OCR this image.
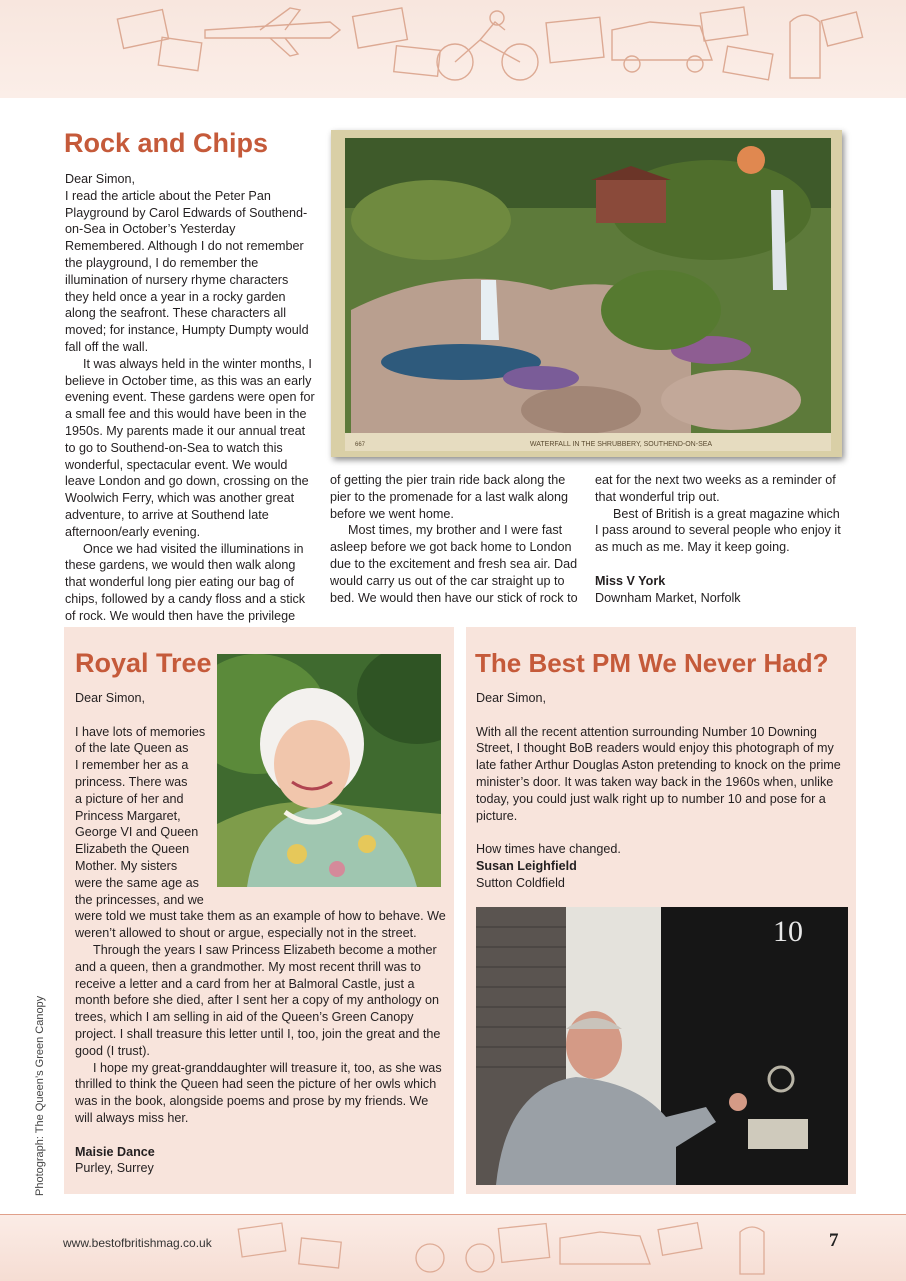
Rock and Chips
667	WATERFALL IN THE SHRUBBERY, SOUTHEND-ON-SEA

Dear Simon,

I read the article about the Peter Pan Playground by Carol Edwards of Southend-on-Sea in October’s Yesterday Remembered. Although I do not remember the playground, I do remember the illumination of nursery rhyme characters they held once a year in a rocky garden along the seafront. These characters all moved; for instance, Humpty Dumpty would fall off the wall.

It was always held in the winter months, I believe in October time, as this was an early evening event. These gardens were open for a small fee and this would have been in the 1950s. My parents made it our annual treat to go to Southend-on-Sea to watch this wonderful, spectacular event. We would leave London and go down, crossing on the Woolwich Ferry, which was another great adventure, to arrive at Southend late afternoon/early evening.

Once we had visited the illuminations in these gardens, we would then walk along that wonderful long pier eating our bag of chips, followed by a candy floss and a stick of rock. We would then have the privilege

of getting the pier train ride back along the pier to the promenade for a last walk along before we went home.

Most times, my brother and I were fast asleep before we got back home to London due to the excitement and fresh sea air. Dad would carry us out of the car straight up to bed. We would then have our stick of rock to

eat for the next two weeks as a reminder of that wonderful trip out.

Best of British is a great magazine which I pass around to several people who enjoy it as much as me. May it keep going.

Miss V York

Downham Market, Norfolk

Royal Tree

Dear Simon,

I have lots of memories
of the late Queen as
I remember her as a
princess. There was
a picture of her and
Princess Margaret,
George VI and Queen
Elizabeth the Queen
Mother. My sisters
were the same age as
the princesses, and we
were told we must take them as an example of how to behave. We weren’t allowed to shout or argue, especially not in the street.

Through the years I saw Princess Elizabeth become a mother and a queen, then a grandmother. My most recent thrill was to receive a letter and a card from her at Balmoral Castle, just a month before she died, after I sent her a copy of my anthology on trees, which I am selling in aid of the Queen’s Green Canopy project. I shall treasure this letter until I, too, join the great and the good (I trust).

I hope my great-granddaughter will treasure it, too, as she was thrilled to think the Queen had seen the picture of her owls which was in the book, alongside poems and prose by my friends. We will always miss her.

Maisie Dance

Purley, Surrey

Photograph: The Queen’s Green Canopy
The Best PM We Never Had?

Dear Simon,

With all the recent attention surrounding Number 10 Downing Street, I thought BoB readers would enjoy this photograph of my late father Arthur Douglas Aston pretending to knock on the prime minister’s door. It was taken way back in the 1960s when, unlike today, you could just walk right up to number 10 and pose for a picture.

How times have changed.

Susan Leighfield

Sutton Coldfield

10
www.bestofbritishmag.co.uk	7
